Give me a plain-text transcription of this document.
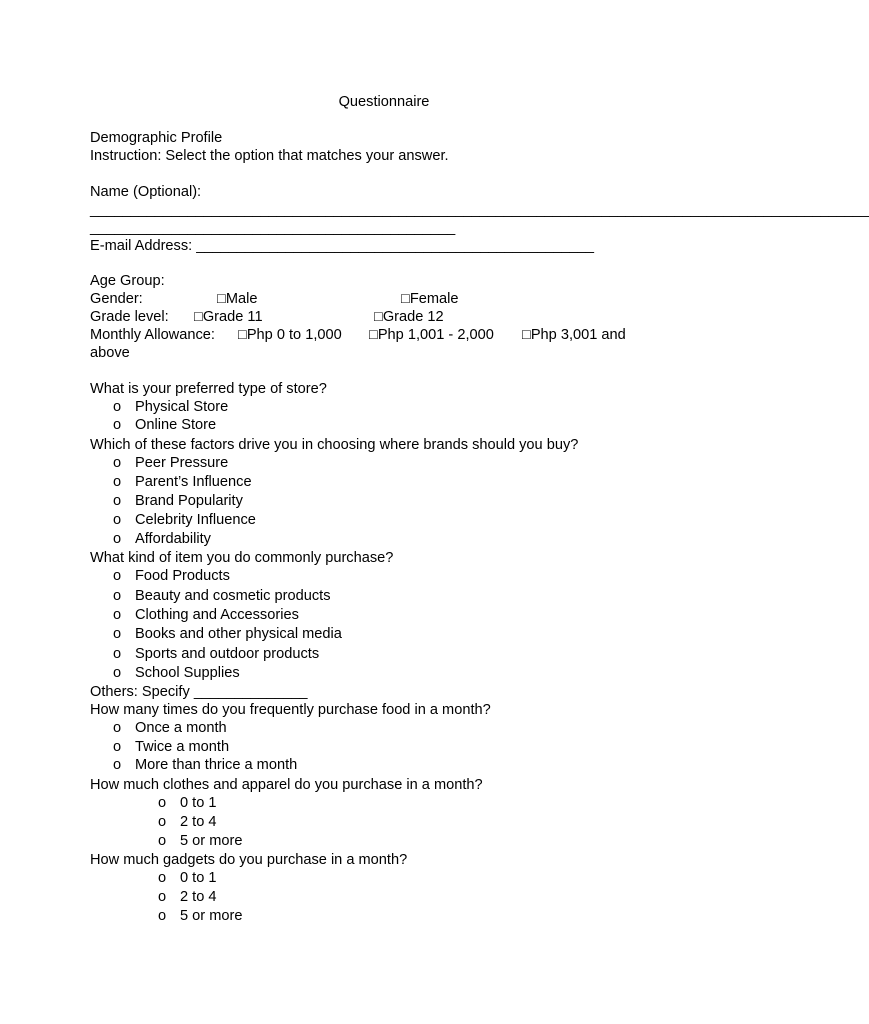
Questionnaire
Demographic Profile
Instruction: Select the option that matches your answer.
Name (Optional):
________________________________________________________________________________________________
_____________________________________________
E-mail Address: _________________________________________________
Age Group:
Gender:	□Male	□Female
Grade level: □Grade 11	□Grade 12
Monthly Allowance: □Php 0 to 1,000 □Php 1,001 - 2,000 □Php 3,001 and
above
What is your preferred type of store?
o Physical Store
o Online Store
Which of these factors drive you in choosing where brands should you buy?
o Peer Pressure
o Parent’s Influence
o Brand Popularity
o Celebrity Influence
o Affordability
What kind of item you do commonly purchase?
o Food Products
o Beauty and cosmetic products
o Clothing and Accessories
o Books and other physical media
o Sports and outdoor products
o School Supplies
Others: Specify ______________
How many times do you frequently purchase food in a month?
o Once a month
o Twice a month
o More than thrice a month
How much clothes and apparel do you purchase in a month?
o 0 to 1
o 2 to 4
o 5 or more
How much gadgets do you purchase in a month?
o 0 to 1
o 2 to 4
o 5 or more
